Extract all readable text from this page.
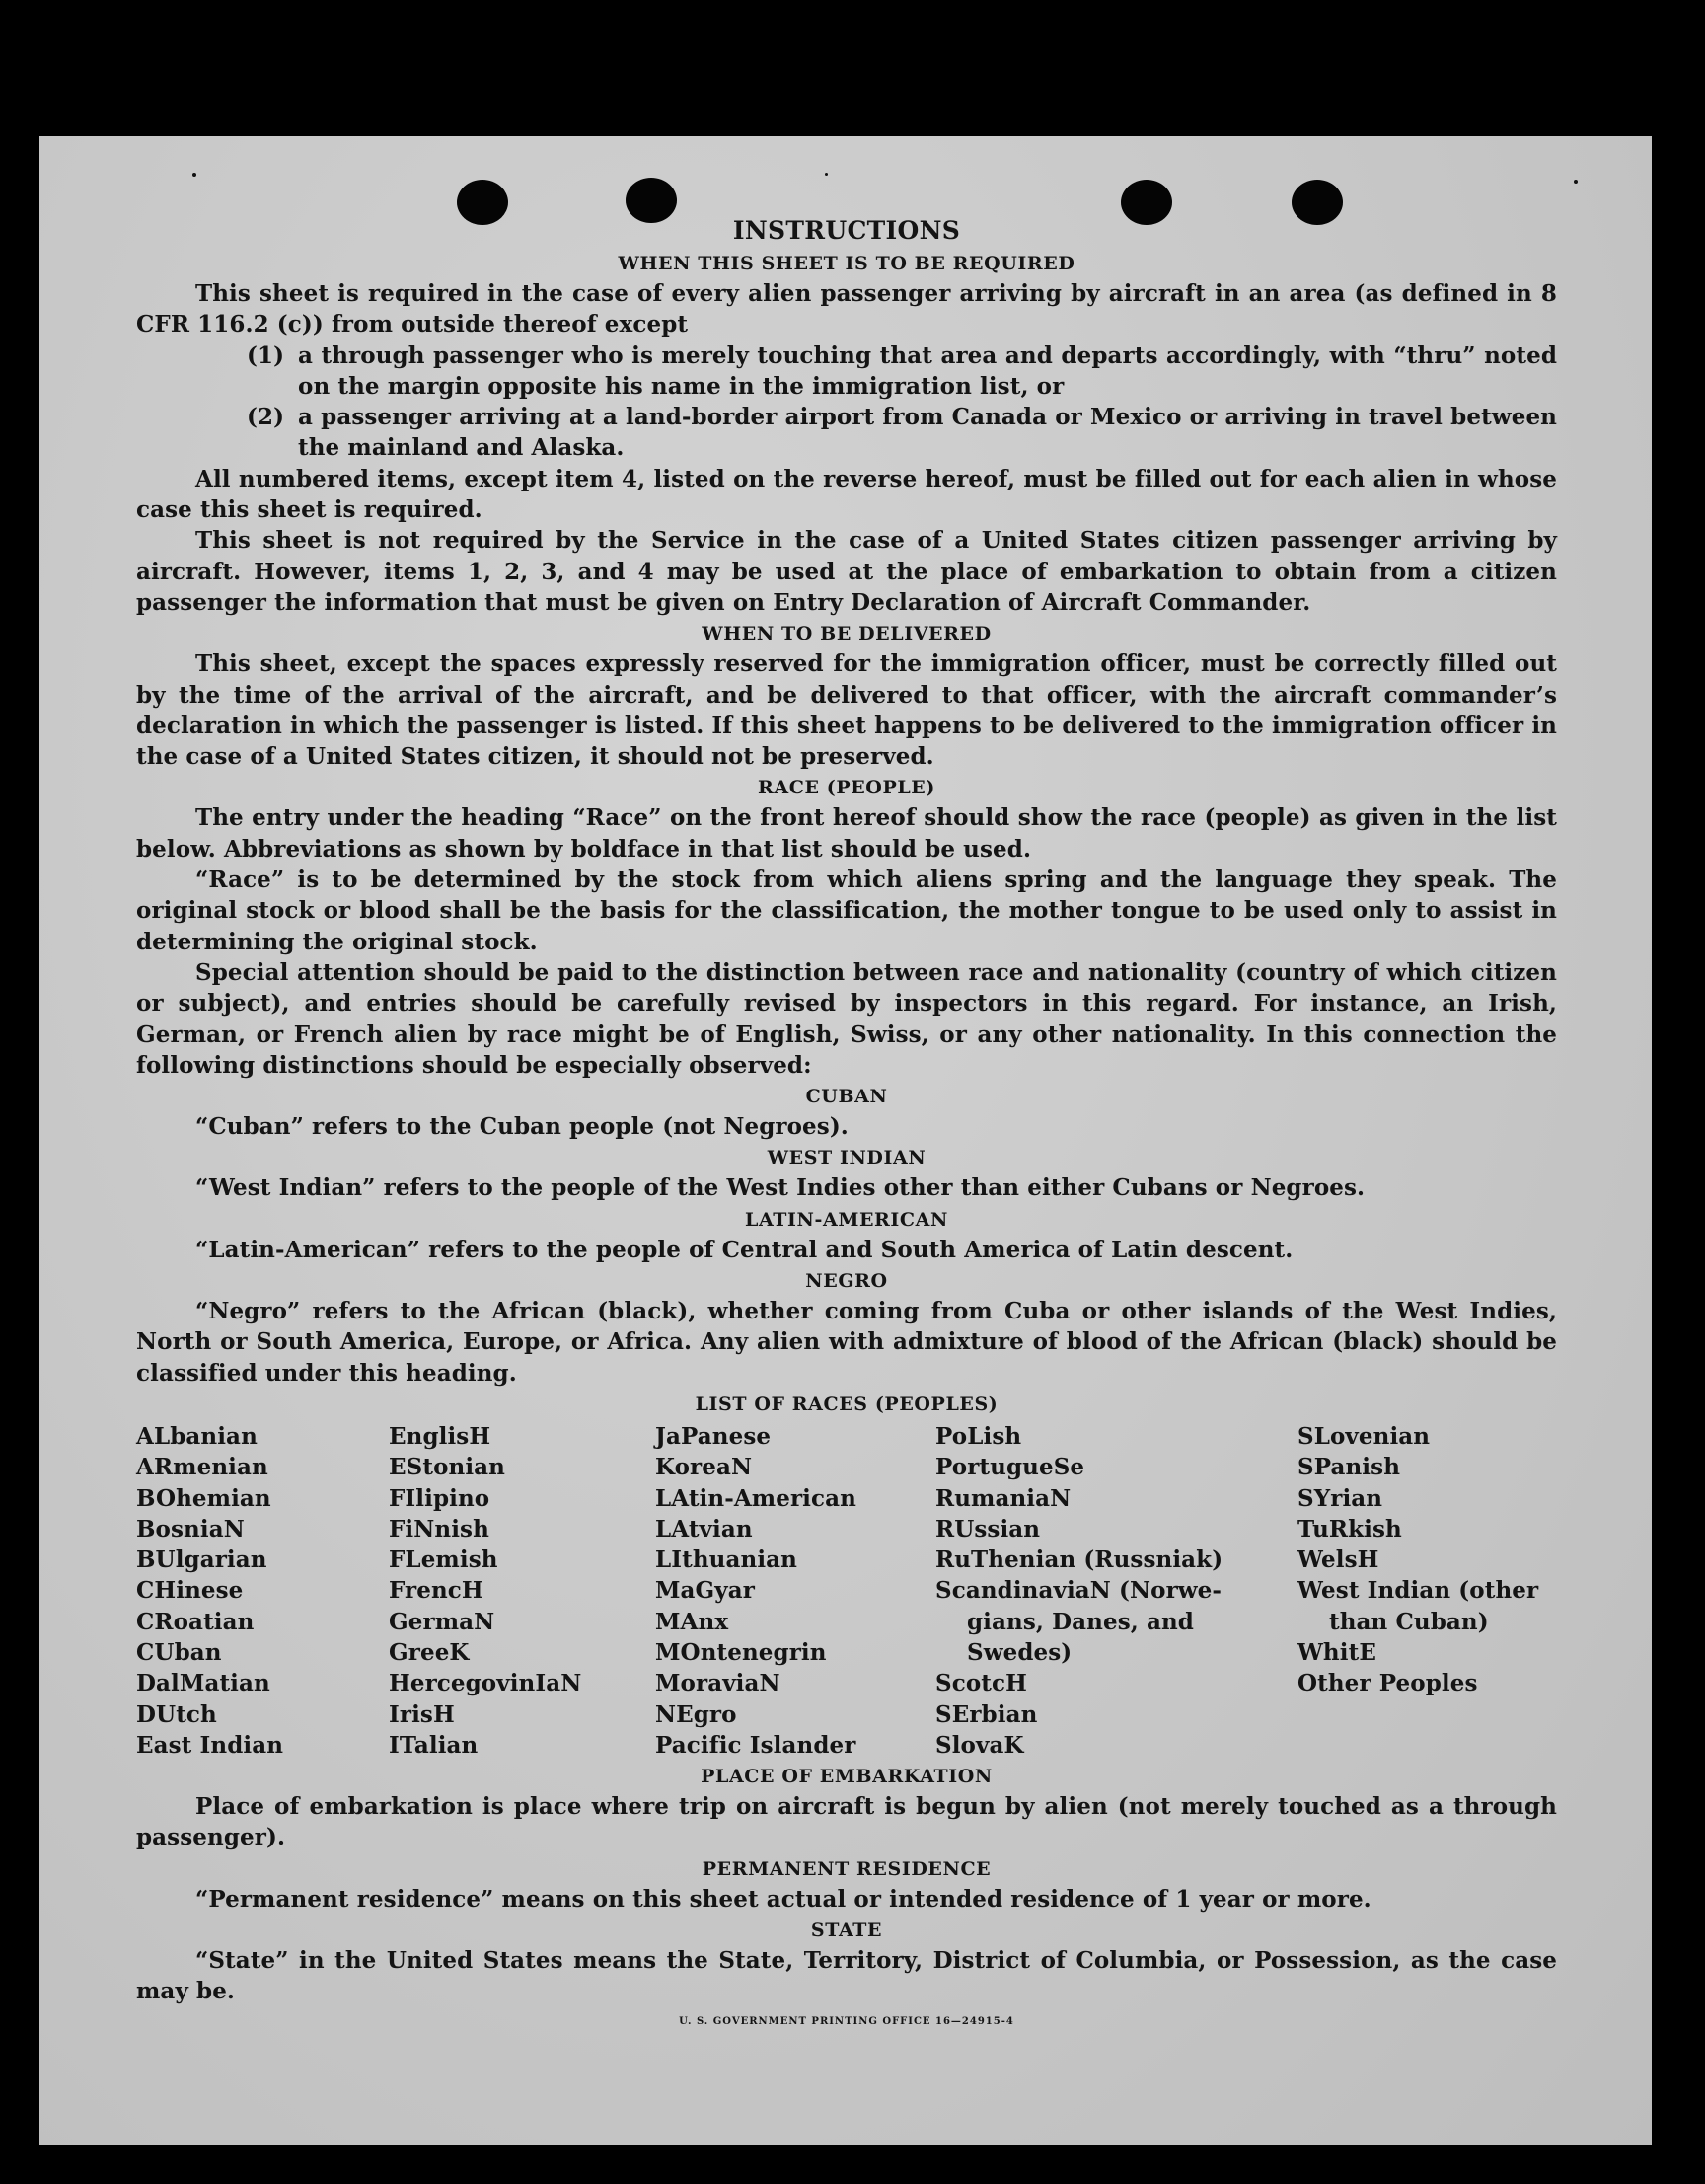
INSTRUCTIONS
WHEN THIS SHEET IS TO BE REQUIRED

This sheet is required in the case of every alien passenger arriving by aircraft in an area (as defined in 8 CFR 116.2 (c)) from outside thereof except

(1) a through passenger who is merely touching that area and departs accordingly, with “thru” noted on the margin opposite his name in the immigration list, or
(2) a passenger arriving at a land-border airport from Canada or Mexico or arriving in travel between the mainland and Alaska.

All numbered items, except item 4, listed on the reverse hereof, must be filled out for each alien in whose case this sheet is required.

This sheet is not required by the Service in the case of a United States citizen passenger arriving by aircraft. However, items 1, 2, 3, and 4 may be used at the place of embarkation to obtain from a citizen passenger the information that must be given on Entry Declaration of Aircraft Commander.

WHEN TO BE DELIVERED

This sheet, except the spaces expressly reserved for the immigration officer, must be correctly filled out by the time of the arrival of the aircraft, and be delivered to that officer, with the aircraft commander’s declaration in which the passenger is listed. If this sheet happens to be delivered to the immigration officer in the case of a United States citizen, it should not be preserved.

RACE (PEOPLE)

The entry under the heading “Race” on the front hereof should show the race (people) as given in the list below. Abbreviations as shown by boldface in that list should be used.

“Race” is to be determined by the stock from which aliens spring and the language they speak. The original stock or blood shall be the basis for the classification, the mother tongue to be used only to assist in determining the original stock.

Special attention should be paid to the distinction between race and nationality (country of which citizen or subject), and entries should be carefully revised by inspectors in this regard. For instance, an Irish, German, or French alien by race might be of English, Swiss, or any other nationality. In this connection the following distinctions should be especially observed:

CUBAN

“Cuban” refers to the Cuban people (not Negroes).

WEST INDIAN

“West Indian” refers to the people of the West Indies other than either Cubans or Negroes.

LATIN-AMERICAN

“Latin-American” refers to the people of Central and South America of Latin descent.

NEGRO

“Negro” refers to the African (black), whether coming from Cuba or other islands of the West Indies, North or South America, Europe, or Africa. Any alien with admixture of blood of the African (black) should be classified under this heading.

LIST OF RACES (PEOPLES)
ALbanian
ARmenian
BOhemian
BosniaN
BUlgarian
CHinese
CRoatian
CUban
DalMatian
DUtch
East Indian
EnglisH
EStonian
FIlipino
FiNnish
FLemish
FrencH
GermaN
GreeK
HercegovinIaN
IrisH
ITalian
JaPanese
KoreaN
LAtin-American
LAtvian
LIthuanian
MaGyar
MAnx
MOntenegrin
MoraviaN
NEgro
Pacific Islander
PoLish
PortugueSe
RumaniaN
RUssian
RuThenian (Russniak)
ScandinaviaN (Norwe-
gians, Danes, and
Swedes)
ScotcH
SErbian
SlovaK
SLovenian
SPanish
SYrian
TuRkish
WelsH
West Indian (other
than Cuban)
WhitE
Other Peoples
PLACE OF EMBARKATION

Place of embarkation is place where trip on aircraft is begun by alien (not merely touched as a through passenger).

PERMANENT RESIDENCE

“Permanent residence” means on this sheet actual or intended residence of 1 year or more.

STATE

“State” in the United States means the State, Territory, District of Columbia, or Possession, as the case may be.

U. S. GOVERNMENT PRINTING OFFICE 16—24915-4
